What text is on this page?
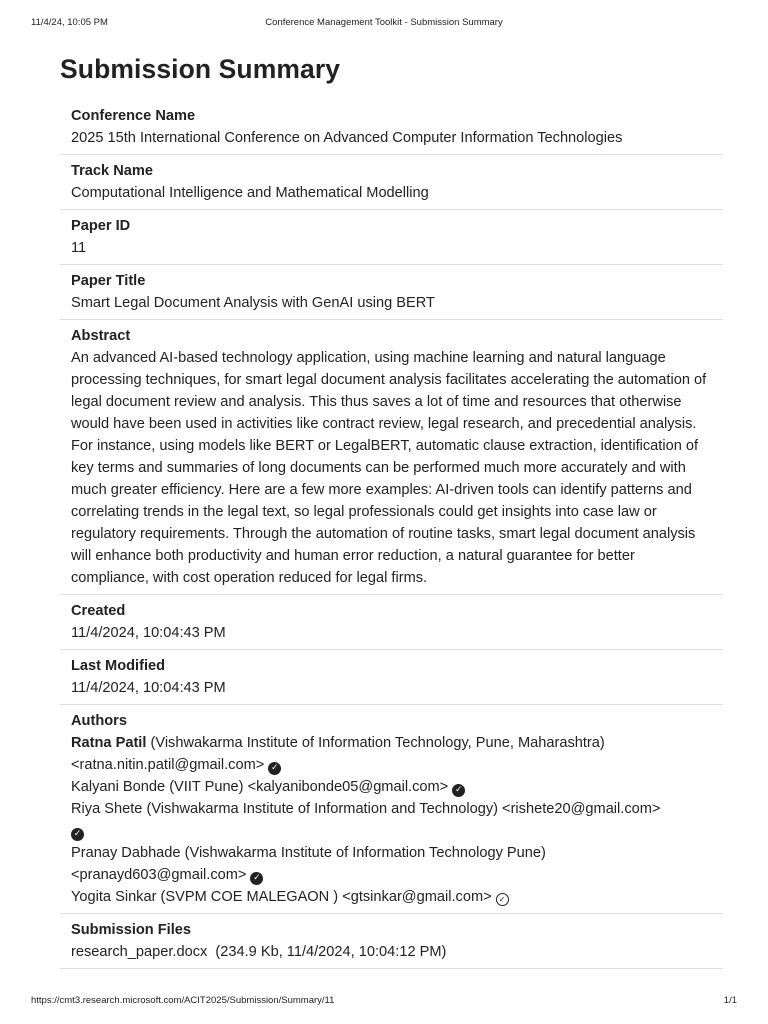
11/4/24, 10:05 PM	Conference Management Toolkit - Submission Summary
Submission Summary
Conference Name
2025 15th International Conference on Advanced Computer Information Technologies
Track Name
Computational Intelligence and Mathematical Modelling
Paper ID
11
Paper Title
Smart Legal Document Analysis with GenAI using BERT
Abstract
An advanced AI-based technology application, using machine learning and natural language processing techniques, for smart legal document analysis facilitates accelerating the automation of legal document review and analysis. This thus saves a lot of time and resources that otherwise would have been used in activities like contract review, legal research, and precedential analysis. For instance, using models like BERT or LegalBERT, automatic clause extraction, identification of key terms and summaries of long documents can be performed much more accurately and with much greater efficiency. Here are a few more examples: AI-driven tools can identify patterns and correlating trends in the legal text, so legal professionals could get insights into case law or regulatory requirements. Through the automation of routine tasks, smart legal document analysis will enhance both productivity and human error reduction, a natural guarantee for better compliance, with cost operation reduced for legal firms.
Created
11/4/2024, 10:04:43 PM
Last Modified
11/4/2024, 10:04:43 PM
Authors
Ratna Patil (Vishwakarma Institute of Information Technology, Pune, Maharashtra) <ratna.nitin.patil@gmail.com> ✓
Kalyani Bonde (VIIT Pune) <kalyanibonde05@gmail.com> ✓
Riya Shete (Vishwakarma Institute of Information and Technology) <rishete20@gmail.com>
✓
Pranay Dabhade (Vishwakarma Institute of Information Technology Pune) <pranayd603@gmail.com> ✓
Yogita Sinkar (SVPM COE MALEGAON ) <gtsinkar@gmail.com> ✓
Submission Files
research_paper.docx  (234.9 Kb, 11/4/2024, 10:04:12 PM)
https://cmt3.research.microsoft.com/ACIT2025/Submission/Summary/11	1/1
